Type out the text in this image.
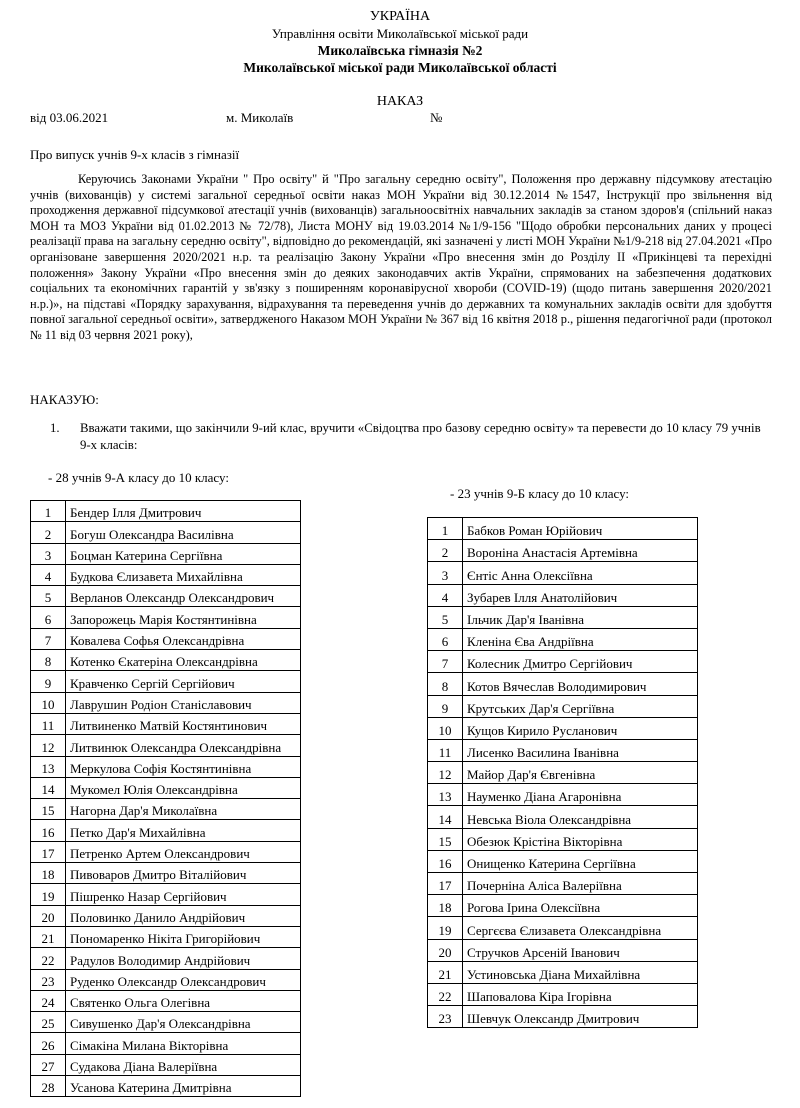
УКРАЇНА
Управління освіти Миколаївської міської ради
Миколаївська гімназія №2
Миколаївської міської ради Миколаївської області
НАКАЗ
від 03.06.2021	м. Миколаїв	№
Про випуск учнів 9-х класів з гімназії
Керуючись Законами України " Про освіту" й "Про загальну середню освіту", Положення про державну підсумкову атестацію учнів (вихованців) у системі загальної середньої освіти наказ МОН України від 30.12.2014 №1547, Інструкції про звільнення від проходження державної підсумкової атестації учнів (вихованців) загальноосвітніх навчальних закладів за станом здоров'я (спільний наказ МОН та МОЗ України від 01.02.2013 № 72/78), Листа МОНУ від 19.03.2014 №1/9-156 "Щодо обробки персональних даних у процесі реалізації права на загальну середню освіту", відповідно до рекомендацій, які зазначені у листі МОН України №1/9-218 від 27.04.2021 «Про організоване завершення 2020/2021 н.р. та реалізацію Закону України «Про внесення змін до Розділу ІІ «Прикінцеві та перехідні положення» Закону України «Про внесення змін до деяких законодавчих актів України, спрямованих на забезпечення додаткових соціальних та економічних гарантій у зв'язку з поширенням коронавірусної хвороби (COVID-19) (щодо питань завершення 2020/2021 н.р.)», на підставі «Порядку зарахування, відрахування та переведення учнів до державних та комунальних закладів освіти для здобуття повної загальної середньої освіти», затвердженого Наказом МОН України № 367 від 16 квітня 2018 р., рішення педагогічної ради (протокол № 11 від 03 червня 2021 року),
НАКАЗУЮ:
1. Вважати такими, що закінчили 9-ий клас, вручити «Свідоцтва про базову середню освіту» та перевести до 10 класу 79 учнів 9-х класів:
- 28 учнів 9-А класу до 10 класу:
1	Бендер Ілля Дмитрович
2	Богуш Олександра Василівна
3	Боцман Катерина Сергіївна
4	Будкова Єлизавета Михайлівна
5	Верланов Олександр Олександрович
6	Запорожець Марія Костянтинівна
7	Ковалева Софья Олександрівна
8	Котенко Єкатеріна Олександрівна
9	Кравченко Сергій Сергійович
10	Лаврушин Родіон Станіславович
11	Литвиненко Матвій Костянтинович
12	Литвинюк Олександра Олександрівна
13	Меркулова Софія Костянтинівна
14	Мукомел Юлія Олександрівна
15	Нагорна Дар'я Миколаївна
16	Петко Дар'я Михайлівна
17	Петренко Артем Олександрович
18	Пивоваров Дмитро Віталійович
19	Пішренко Назар Сергійович
20	Половинко Данило Андрійович
21	Пономаренко Нікіта Григорійович
22	Радулов Володимир Андрійович
23	Руденко Олександр Олександрович
24	Святенко Ольга Олегівна
25	Сивушенко Дар'я Олександрівна
26	Сімакіна Милана Вікторівна
27	Судакова Діана Валеріївна
28	Усанова Катерина Дмитрівна
- 23 учнів 9-Б класу до 10 класу:
1	Бабков Роман Юрійович
2	Вороніна Анастасія Артемівна
3	Єнтіс Анна Олексіївна
4	Зубарев Ілля Анатолійович
5	Ільчик Дар'я Іванівна
6	Кленіна Єва Андріївна
7	Колесник Дмитро Сергійович
8	Котов Вячеслав Володимирович
9	Крутських Дар'я Сергіївна
10	Кущов Кирило Русланович
11	Лисенко Василина Іванівна
12	Майор Дар'я Євгенівна
13	Науменко Діана Агаронівна
14	Невська Віола Олександрівна
15	Обезюк Крістіна Вікторівна
16	Онищенко Катерина Сергіївна
17	Почерніна Аліса Валеріївна
18	Рогова Ірина Олексіївна
19	Сергєєва Єлизавета Олександрівна
20	Стручков Арсеній Іванович
21	Устиновська Діана Михайлівна
22	Шаповалова Кіра Ігорівна
23	Шевчук Олександр Дмитрович
